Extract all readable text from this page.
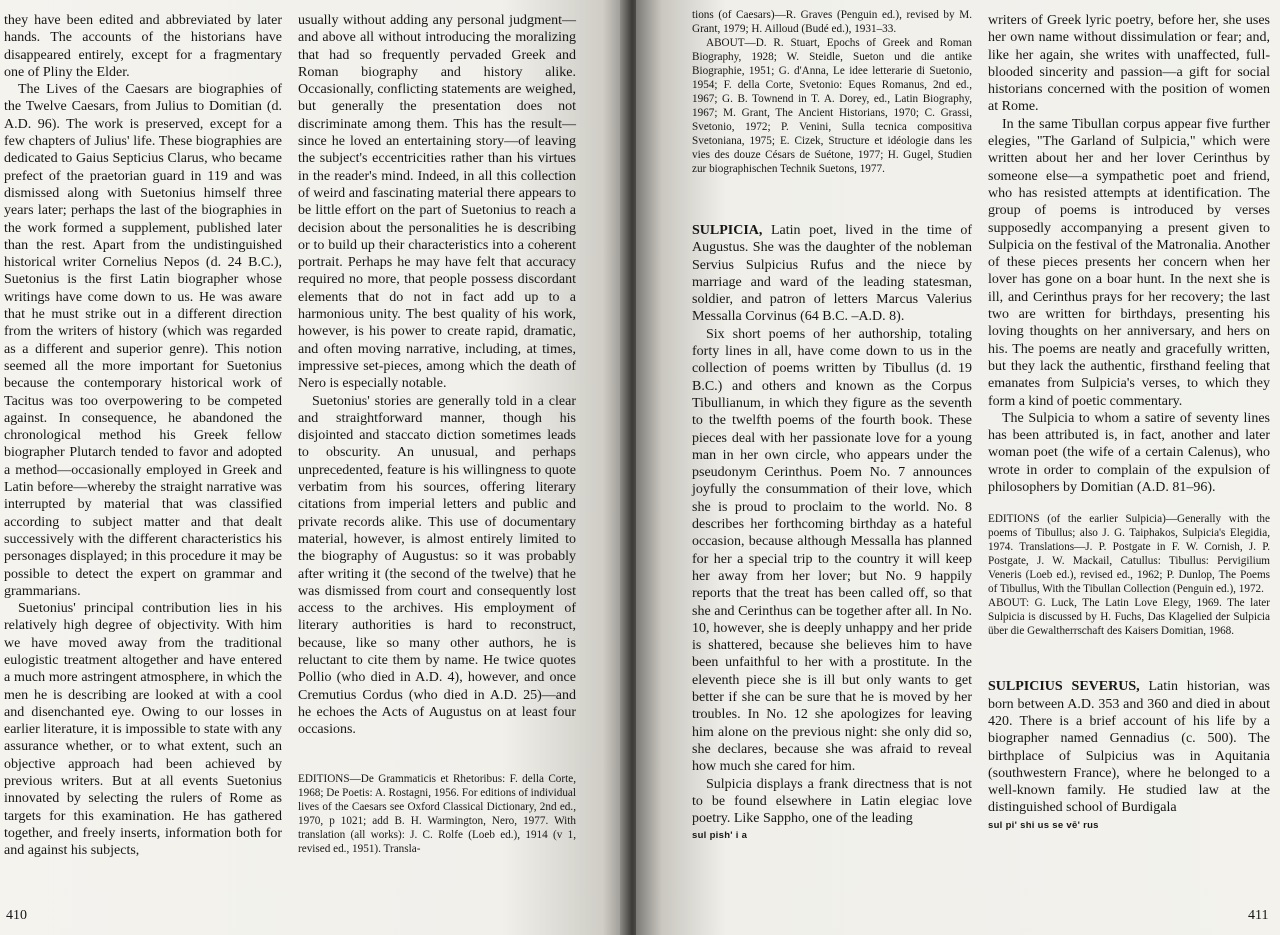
they have been edited and abbreviated by later hands. The accounts of the historians have disappeared entirely, except for a fragmentary one of Pliny the Elder.

The Lives of the Caesars are biographies of the Twelve Caesars, from Julius to Domitian (d. A.D. 96). The work is preserved, except for a few chapters of Julius' life. These biographies are dedicated to Gaius Septicius Clarus, who became prefect of the praetorian guard in 119 and was dismissed along with Suetonius himself three years later; perhaps the last of the biographies in the work formed a supplement, published later than the rest. Apart from the undistinguished historical writer Cornelius Nepos (d. 24 B.C.), Suetonius is the first Latin biographer whose writings have come down to us. He was aware that he must strike out in a different direction from the writers of history (which was regarded as a different and superior genre). This notion seemed all the more important for Suetonius because the contemporary historical work of Tacitus was too overpowering to be competed against. In consequence, he abandoned the chronological method his Greek fellow biographer Plutarch tended to favor and adopted a method—occasionally employed in Greek and Latin before—whereby the straight narrative was interrupted by material that was classified according to subject matter and that dealt successively with the different characteristics his personages displayed; in this procedure it may be possible to detect the expert on grammar and grammarians.

Suetonius' principal contribution lies in his relatively high degree of objectivity. With him we have moved away from the traditional eulogistic treatment altogether and have entered a much more astringent atmosphere, in which the men he is describing are looked at with a cool and disenchanted eye. Owing to our losses in earlier literature, it is impossible to state with any assurance whether, or to what extent, such an objective approach had been achieved by previous writers. But at all events Suetonius innovated by selecting the rulers of Rome as targets for this examination. He has gathered together, and freely inserts, information both for and against his subjects,

usually without adding any personal judgment—and above all without introducing the moralizing that had so frequently pervaded Greek and Roman biography and history alike. Occasionally, conflicting statements are weighed, but generally the presentation does not discriminate among them. This has the result—since he loved an entertaining story—of leaving the subject's eccentricities rather than his virtues in the reader's mind. Indeed, in all this collection of weird and fascinating material there appears to be little effort on the part of Suetonius to reach a decision about the personalities he is describing or to build up their characteristics into a coherent portrait. Perhaps he may have felt that accuracy required no more, that people possess discordant elements that do not in fact add up to a harmonious unity. The best quality of his work, however, is his power to create rapid, dramatic, and often moving narrative, including, at times, impressive set-pieces, among which the death of Nero is especially notable.

Suetonius' stories are generally told in a clear and straightforward manner, though his disjointed and staccato diction sometimes leads to obscurity. An unusual, and perhaps unprecedented, feature is his willingness to quote verbatim from his sources, offering literary citations from imperial letters and public and private records alike. This use of documentary material, however, is almost entirely limited to the biography of Augustus: so it was probably after writing it (the second of the twelve) that he was dismissed from court and consequently lost access to the archives. His employment of literary authorities is hard to reconstruct, because, like so many other authors, he is reluctant to cite them by name. He twice quotes Pollio (who died in A.D. 4), however, and once Cremutius Cordus (who died in A.D. 25)—and he echoes the Acts of Augustus on at least four occasions.

EDITIONS—De Grammaticis et Rhetoribus: F. della Corte, 1968; De Poetis: A. Rostagni, 1956. For editions of individual lives of the Caesars see Oxford Classical Dictionary, 2nd ed., 1970, p 1021; add B. H. Warmington, Nero, 1977. With translation (all works): J. C. Rolfe (Loeb ed.), 1914 (v 1, revised ed., 1951). Transla-

410

tions (of Caesars)—R. Graves (Penguin ed.), revised by M. Grant, 1979; H. Ailloud (Budé ed.), 1931–33.

ABOUT—D. R. Stuart, Epochs of Greek and Roman Biography, 1928; W. Steidle, Sueton und die antike Biographie, 1951; G. d'Anna, Le idee letterarie di Suetonio, 1954; F. della Corte, Svetonio: Eques Romanus, 2nd ed., 1967; G. B. Townend in T. A. Dorey, ed., Latin Biography, 1967; M. Grant, The Ancient Historians, 1970; C. Grassi, Svetonio, 1972; P. Venini, Sulla tecnica compositiva Svetoniana, 1975; E. Cizek, Structure et idéologie dans les vies des douze Césars de Suétone, 1977; H. Gugel, Studien zur biographischen Technik Suetons, 1977.

SULPICIA, Latin poet, lived in the time of Augustus. She was the daughter of the nobleman Servius Sulpicius Rufus and the niece by marriage and ward of the leading statesman, soldier, and patron of letters Marcus Valerius Messalla Corvinus (64 B.C. –A.D. 8).

Six short poems of her authorship, totaling forty lines in all, have come down to us in the collection of poems written by Tibullus (d. 19 B.C.) and others and known as the Corpus Tibullianum, in which they figure as the seventh to the twelfth poems of the fourth book. These pieces deal with her passionate love for a young man in her own circle, who appears under the pseudonym Cerinthus. Poem No. 7 announces joyfully the consummation of their love, which she is proud to proclaim to the world. No. 8 describes her forthcoming birthday as a hateful occasion, because although Messalla has planned for her a special trip to the country it will keep her away from her lover; but No. 9 happily reports that the treat has been called off, so that she and Cerinthus can be together after all. In No. 10, however, she is deeply unhappy and her pride is shattered, because she believes him to have been unfaithful to her with a prostitute. In the eleventh piece she is ill but only wants to get better if she can be sure that he is moved by her troubles. In No. 12 she apologizes for leaving him alone on the previous night: she only did so, she declares, because she was afraid to reveal how much she cared for him.

Sulpicia displays a frank directness that is not to be found elsewhere in Latin elegiac love poetry. Like Sappho, one of the leading

sul pish' i a

writers of Greek lyric poetry, before her, she uses her own name without dissimulation or fear; and, like her again, she writes with unaffected, full-blooded sincerity and passion—a gift for social historians concerned with the position of women at Rome.

In the same Tibullan corpus appear five further elegies, "The Garland of Sulpicia," which were written about her and her lover Cerinthus by someone else—a sympathetic poet and friend, who has resisted attempts at identification. The group of poems is introduced by verses supposedly accompanying a present given to Sulpicia on the festival of the Matronalia. Another of these pieces presents her concern when her lover has gone on a boar hunt. In the next she is ill, and Cerinthus prays for her recovery; the last two are written for birthdays, presenting his loving thoughts on her anniversary, and hers on his. The poems are neatly and gracefully written, but they lack the authentic, firsthand feeling that emanates from Sulpicia's verses, to which they form a kind of poetic commentary.

The Sulpicia to whom a satire of seventy lines has been attributed is, in fact, another and later woman poet (the wife of a certain Calenus), who wrote in order to complain of the expulsion of philosophers by Domitian (A.D. 81–96).

EDITIONS (of the earlier Sulpicia)—Generally with the poems of Tibullus; also J. G. Taiphakos, Sulpicia's Elegidia, 1974. Translations—J. P. Postgate in F. W. Cornish, J. P. Postgate, J. W. Mackail, Catullus: Tibullus: Pervigilium Veneris (Loeb ed.), revised ed., 1962; P. Dunlop, The Poems of Tibullus, With the Tibullan Collection (Penguin ed.), 1972.

ABOUT: G. Luck, The Latin Love Elegy, 1969. The later Sulpicia is discussed by H. Fuchs, Das Klagelied der Sulpicia über die Gewaltherrschaft des Kaisers Domitian, 1968.

SULPICIUS SEVERUS, Latin historian, was born between A.D. 353 and 360 and died in about 420. There is a brief account of his life by a biographer named Gennadius (c. 500). The birthplace of Sulpicius was in Aquitania (southwestern France), where he belonged to a well-known family. He studied law at the distinguished school of Burdigala

sul pi' shi us se vē' rus
411
